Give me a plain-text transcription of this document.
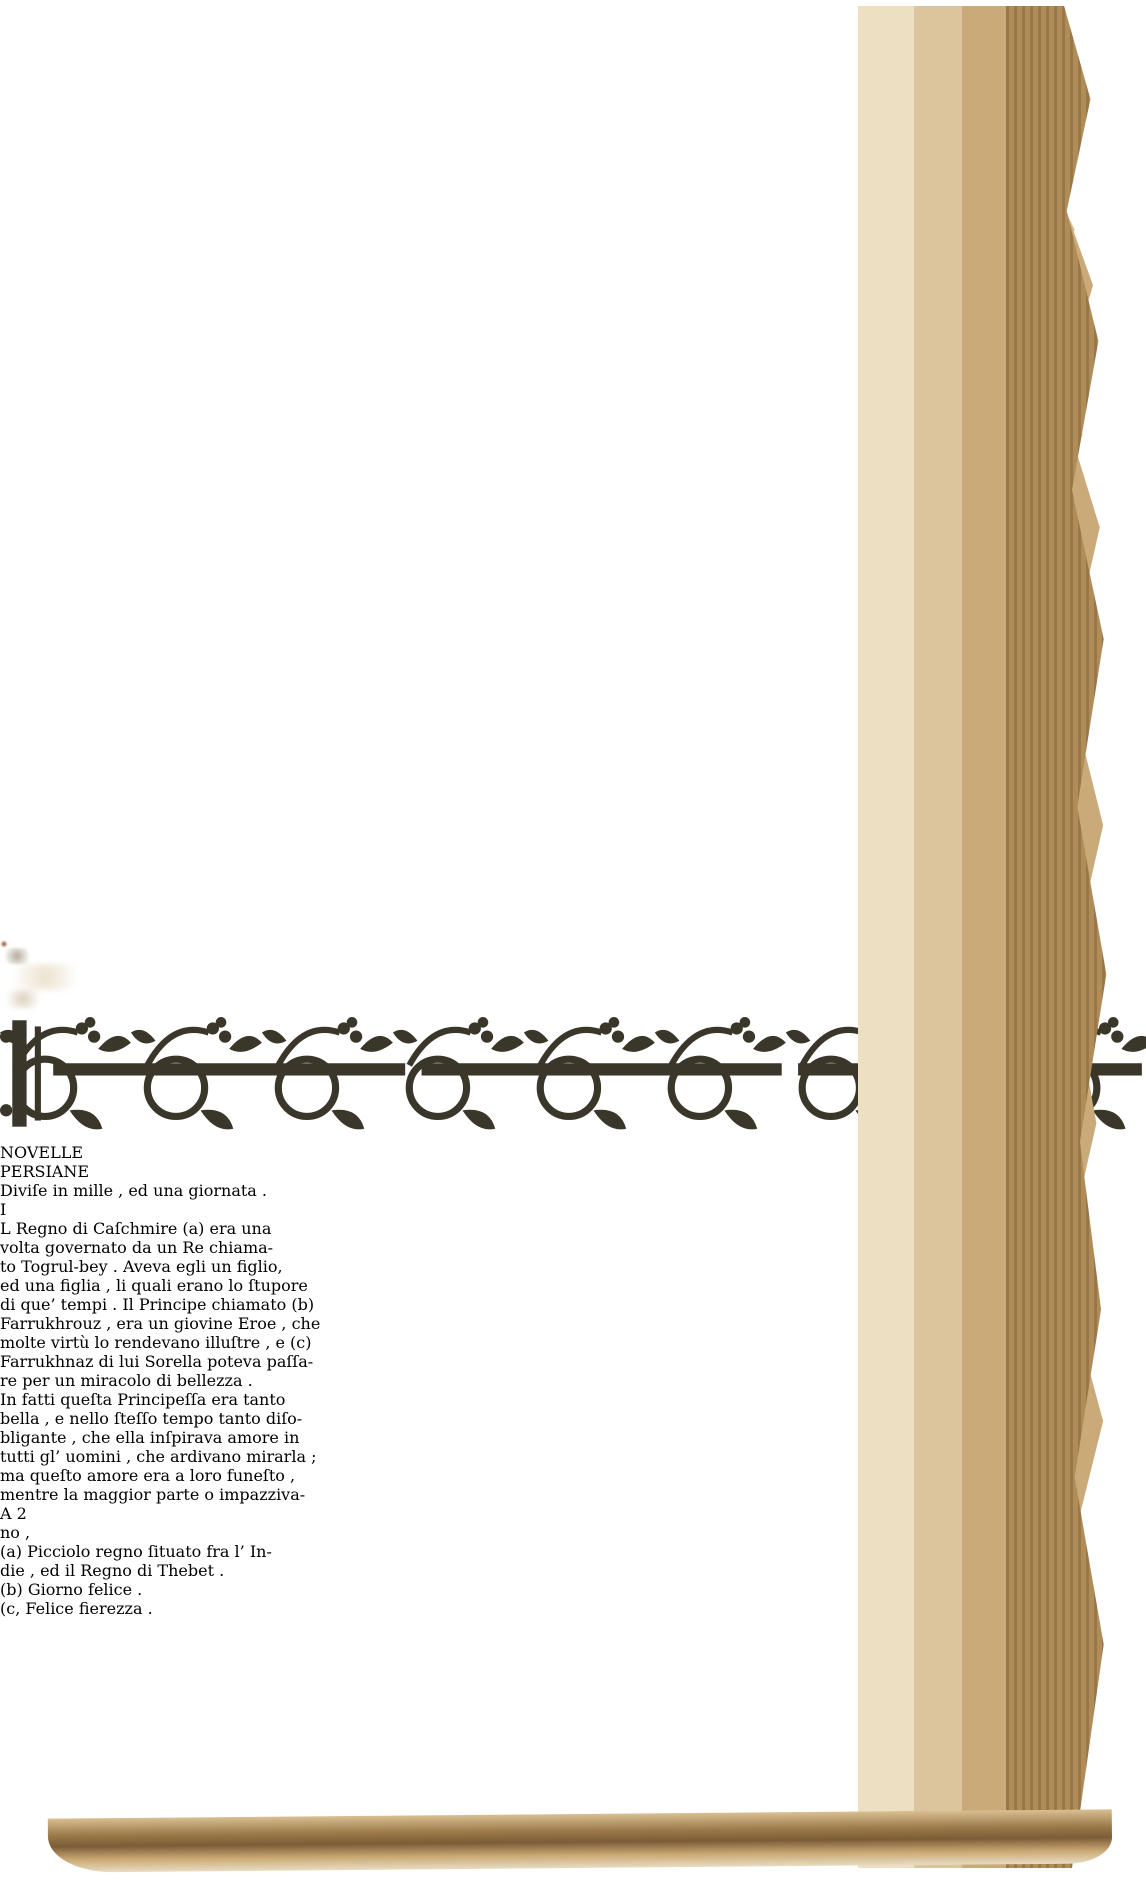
NOVELLE
PERSIANE
Diviſe in mille , ed una giornata .
I
L Regno di Caſchmire (a) era una
volta governato da un Re chiama-
to Togrul-bey . Aveva egli un figlio,
ed una figlia , li quali erano lo ſtupore
di que’ tempi . Il Principe chiamato (b)
Farrukhrouz , era un giovine Eroe , che
molte virtù lo rendevano illuſtre , e (c)
Farrukhnaz di lui Sorella poteva paſſa-
re per un miracolo di bellezza .
In fatti queſta Principeſſa era tanto
bella , e nello ſteſſo tempo tanto diſo-
bligante , che ella inſpirava amore in
tutti gl’ uomini , che ardivano mirarla ;
ma queſto amore era a loro funeſto ,
mentre la maggior parte o impazziva-
A 2
no ,
(a) Picciolo regno ſituato fra l’ In-
die , ed il Regno di Thebet .
(b) Giorno felice .
(c, Felice fierezza .
